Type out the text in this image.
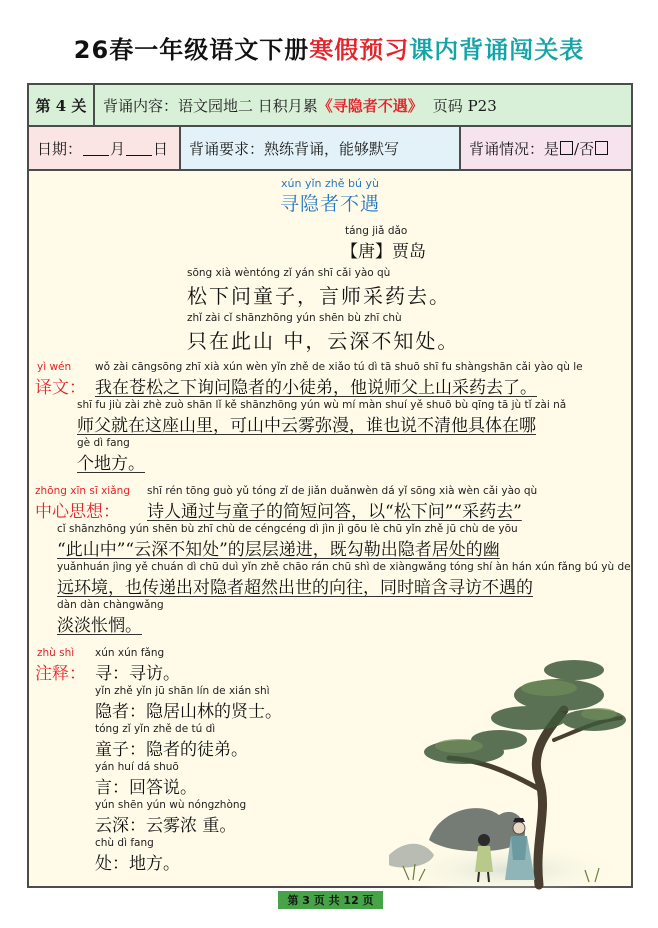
26春一年级语文下册寒假预习课内背诵闯关表
第 4 关	背诵内容：语文园地二 日积月累 《寻隐者不遇》 页码 P23
日期： 月 日	背诵要求：熟练背诵，能够默写	背诵情况：是 /否
xún yǐn zhě bú yù
寻隐者不遇
táng jiǎ dǎo
【唐】贾岛
sōng xià wèntóng zǐ yán shī cǎi yào qù
松下问童子，言师采药去。
zhǐ zài cǐ shānzhōng yún shēn bù zhī chù
只在此山 中，云深不知处。
yì wén
译文：
wǒ zài cāngsōng zhī xià xún wèn yǐn zhě de xiǎo tú dì tā shuō shī fu shàngshān cǎi yào qù le
我在苍松之下询问隐者的小徒弟，他说师父上山采药去了。
shī fu jiù zài zhè zuò shān lǐ kě shānzhōng yún wù mí màn shuí yě shuō bù qīng tā jù tǐ zài nǎ
师父就在这座山里，可山中云雾弥漫，谁也说不清他具体在哪
gè dì fang
个地方。
zhōng xīn sī xiǎng
中心思想：
shī rén tōng guò yǔ tóng zǐ de jiǎn duǎnwèn dá yǐ sōng xià wèn cǎi yào qù
诗人通过与童子的简短问答，以“松下问”“采药去”
cǐ shānzhōng yún shēn bù zhī chù de céngcéng dì jìn jì gōu lè chū yǐn zhě jū chù de yōu
“此山中”“云深不知处”的层层递进，既勾勒出隐者居处的幽
yuǎnhuán jìng yě chuán dì chū duì yǐn zhě chāo rán chū shì de xiàngwǎng tóng shí àn hán xún fǎng bú yù de
远环境，也传递出对隐者超然出世的向往，同时暗含寻访不遇的
dàn dàn chàngwǎng
淡淡怅惘。
zhù shì
注释：
xún xún fǎng
寻：寻访。
yǐn zhě yǐn jū shān lín de xián shì
隐者：隐居山林的贤士。
tóng zǐ yǐn zhě de tú dì
童子：隐者的徒弟。
yán huí dá shuō
言：回答说。
yún shēn yún wù nóngzhòng
云深：云雾浓 重。
chù dì fang
处：地方。
第 3 页 共 12 页
